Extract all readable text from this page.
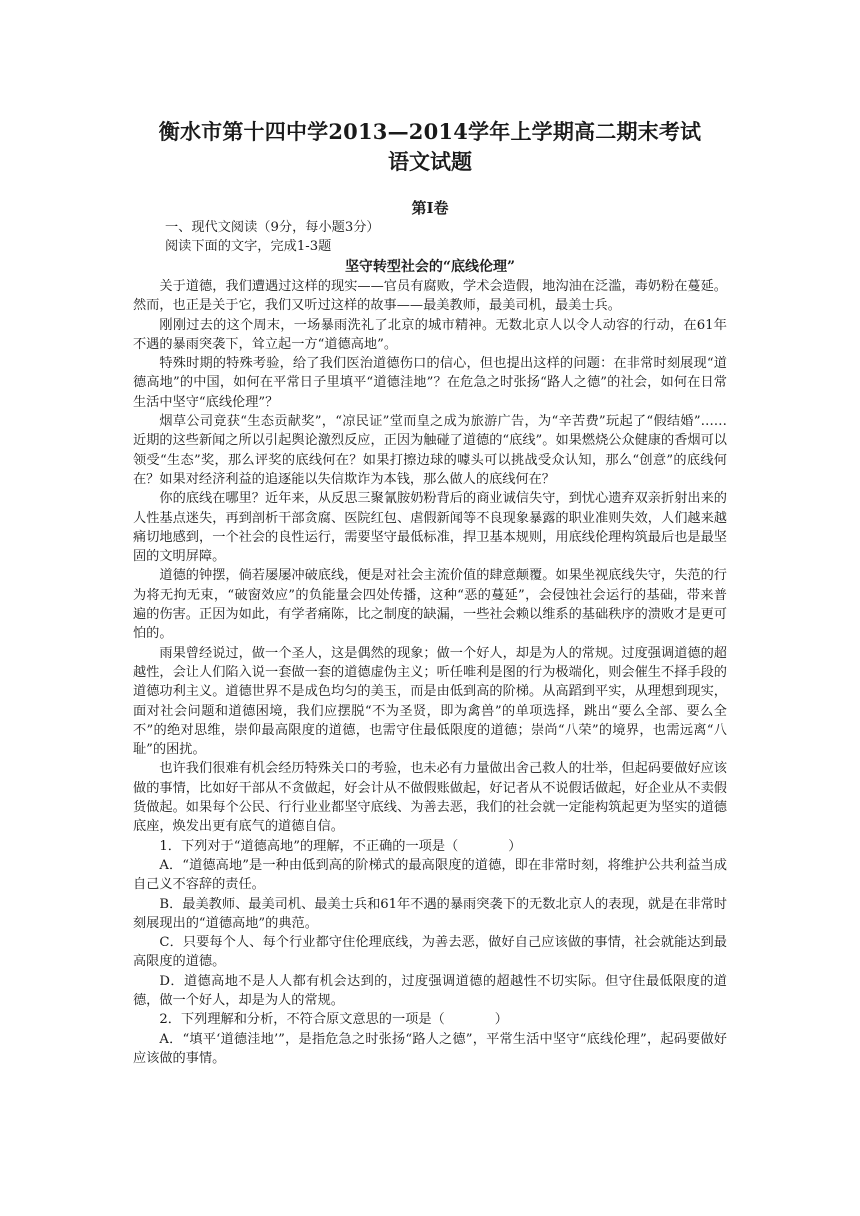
衡水市第十四中学2013—2014学年上学期高二期末考试
语文试题
第Ⅰ卷
一、现代文阅读（9分，每小题3分）
阅读下面的文字，完成1-3题
坚守转型社会的“底线伦理”

关于道德，我们遭遇过这样的现实——官员有腐败，学术会造假，地沟油在泛滥，毒奶粉在蔓延。然而，也正是关于它，我们又听过这样的故事——最美教师，最美司机，最美士兵。

刚刚过去的这个周末，一场暴雨洗礼了北京的城市精神。无数北京人以令人动容的行动，在61年不遇的暴雨突袭下，耸立起一方“道德高地”。

特殊时期的特殊考验，给了我们医治道德伤口的信心，但也提出这样的问题：在非常时刻展现“道德高地”的中国，如何在平常日子里填平“道德洼地”？在危急之时张扬“路人之德”的社会，如何在日常生活中坚守“底线伦理”？

烟草公司竟获“生态贡献奖”，“凉民证”堂而皇之成为旅游广告，为“辛苦费”玩起了“假结婚”……近期的这些新闻之所以引起舆论激烈反应，正因为触碰了道德的“底线”。如果燃烧公众健康的香烟可以领受“生态”奖，那么评奖的底线何在？如果打擦边球的噱头可以挑战受众认知，那么“创意”的底线何在？如果对经济利益的追逐能以失信欺诈为本钱，那么做人的底线何在？

你的底线在哪里？近年来，从反思三聚氰胺奶粉背后的商业诚信失守，到忧心遗弃双亲折射出来的人性基点迷失，再到剖析干部贪腐、医院红包、虐假新闻等不良现象暴露的职业准则失效，人们越来越痛切地感到，一个社会的良性运行，需要坚守最低标准，捍卫基本规则，用底线伦理构筑最后也是最坚固的文明屏障。

道德的钟摆，倘若屡屡冲破底线，便是对社会主流价值的肆意颠覆。如果坐视底线失守，失范的行为将无拘无束，“破窗效应”的负能量会四处传播，这种“恶的蔓延”，会侵蚀社会运行的基础，带来普遍的伤害。正因为如此，有学者痛陈，比之制度的缺漏，一些社会赖以维系的基础秩序的溃败才是更可怕的。

雨果曾经说过，做一个圣人，这是偶然的现象；做一个好人，却是为人的常规。过度强调道德的超越性，会让人们陷入说一套做一套的道德虚伪主义；听任唯利是图的行为极端化，则会催生不择手段的道德功利主义。道德世界不是成色均匀的美玉，而是由低到高的阶梯。从高蹈到平实，从理想到现实，面对社会问题和道德困境，我们应摆脱“不为圣贤，即为禽兽”的单项选择，跳出“要么全部、要么全不”的绝对思维，崇仰最高限度的道德，也需守住最低限度的道德；崇尚“八荣”的境界，也需远离“八耻”的困扰。

也许我们很难有机会经历特殊关口的考验，也未必有力量做出舍己救人的壮举，但起码要做好应该做的事情，比如好干部从不贪做起，好会计从不做假账做起，好记者从不说假话做起，好企业从不卖假货做起。如果每个公民、行行业业都坚守底线、为善去恶，我们的社会就一定能构筑起更为坚实的道德底座，焕发出更有底气的道德自信。

1．下列对于“道德高地”的理解，不正确的一项是（	）

A．“道德高地”是一种由低到高的阶梯式的最高限度的道德，即在非常时刻，将维护公共利益当成自己义不容辞的责任。

B．最美教师、最美司机、最美士兵和61年不遇的暴雨突袭下的无数北京人的表现，就是在非常时刻展现出的“道德高地”的典范。

C．只要每个人、每个行业都守住伦理底线，为善去恶，做好自己应该做的事情，社会就能达到最高限度的道德。

D．道德高地不是人人都有机会达到的，过度强调道德的超越性不切实际。但守住最低限度的道德，做一个好人，却是为人的常规。

2．下列理解和分析，不符合原文意思的一项是（	）

A．“填平‘道德洼地’”，是指危急之时张扬“路人之德”，平常生活中坚守“底线伦理”，起码要做好应该做的事情。
